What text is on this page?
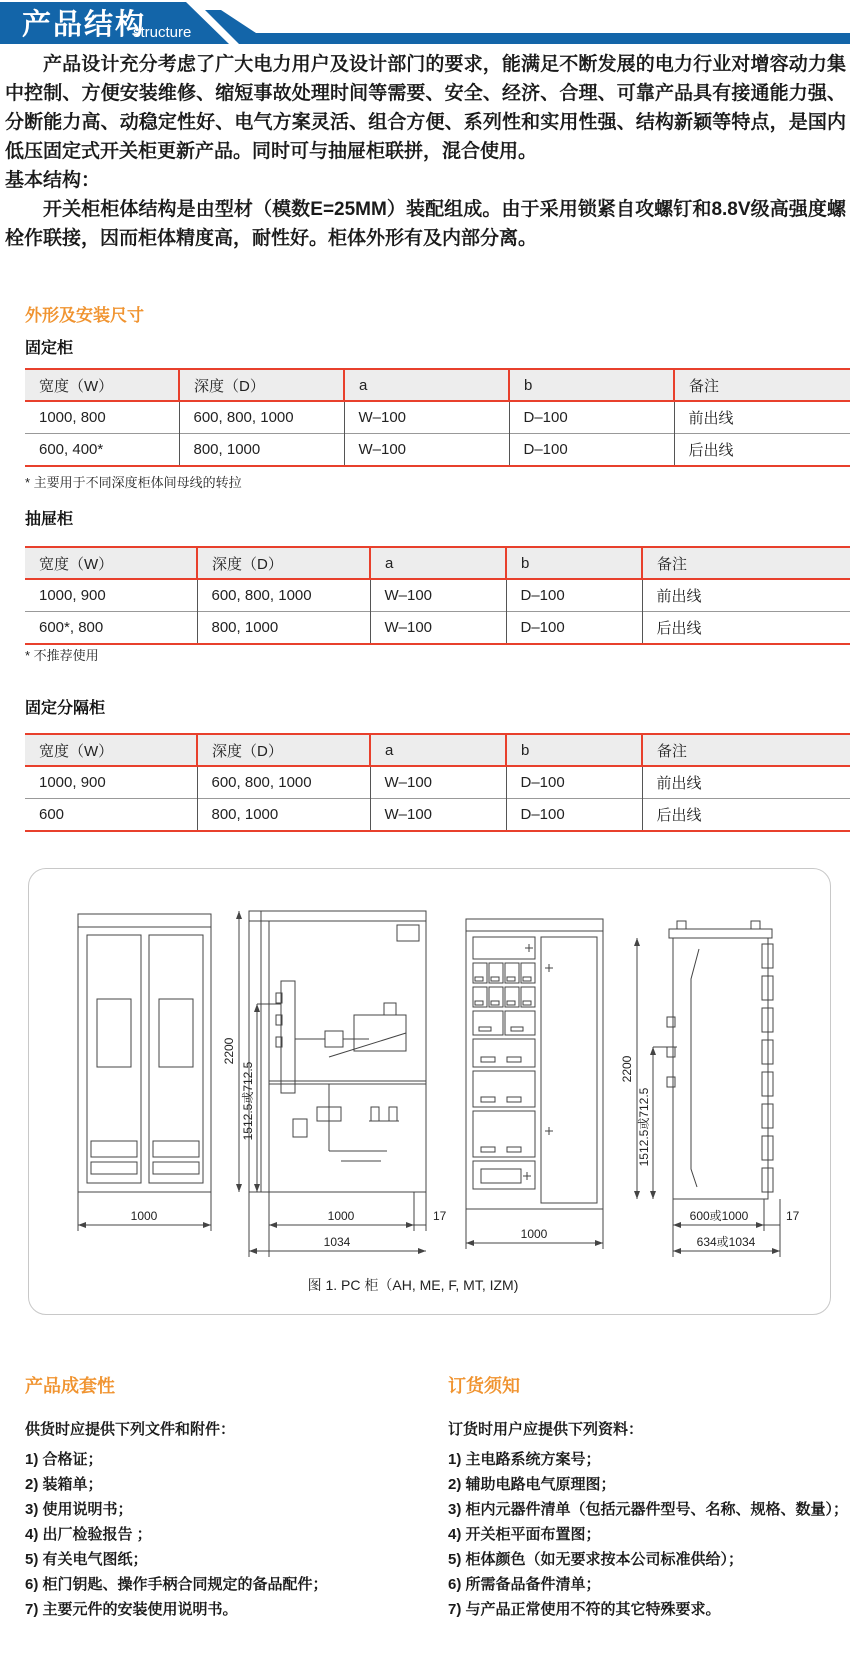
产品结构
structure

产品设计充分考虑了广大电力用户及设计部门的要求，能满足不断发展的电力行业对增容动力集中控制、方便安装维修、缩短事故处理时间等需要、安全、经济、合理、可靠产品具有接通能力强、分断能力高、动稳定性好、电气方案灵活、组合方便、系列性和实用性强、结构新颖等特点，是国内低压固定式开关柜更新产品。同时可与抽屉柜联拼，混合使用。

基本结构：

开关柜柜体结构是由型材（模数E=25MM）装配组成。由于采用锁紧自攻螺钉和8.8V级高强度螺栓作联接，因而柜体精度高，耐性好。柜体外形有及内部分离。

外形及安装尺寸
固定柜
宽度（W）	深度（D）	a	b	备注
1000, 800	600, 800, 1000	W–100	D–100	前出线
600, 400*	800, 1000	W–100	D–100	后出线

* 主要用于不同深度柜体间母线的转拉

抽屉柜
宽度（W）	深度（D）	a	b	备注
1000, 900	600, 800, 1000	W–100	D–100	前出线
600*, 800	800, 1000	W–100	D–100	后出线

* 不推荐使用

固定分隔柜
宽度（W）	深度（D）	a	b	备注
1000, 900	600, 800, 1000	W–100	D–100	前出线
600	800, 1000	W–100	D–100	后出线
1000
2200
1512.5或712.5
1000	17
1034
1000
2200
1512.5或712.5
600或1000	17
634或1034
图 1. PC 柜（AH, ME, F, MT, IZM)
产品成套性

供货时应提供下列文件和附件：

1) 合格证；
2) 装箱单；
3) 使用说明书；
4) 出厂检验报告 ；
5) 有关电气图纸；
6) 柜门钥匙、操作手柄合同规定的备品配件；
7) 主要元件的安装使用说明书。
订货须知

订货时用户应提供下列资料：

1) 主电路系统方案号；
2) 辅助电路电气原理图；
3) 柜内元器件清单（包括元器件型号、名称、规格、数量）；
4) 开关柜平面布置图；
5) 柜体颜色（如无要求按本公司标准供给）；
6) 所需备品备件清单；
7) 与产品正常使用不符的其它特殊要求。
